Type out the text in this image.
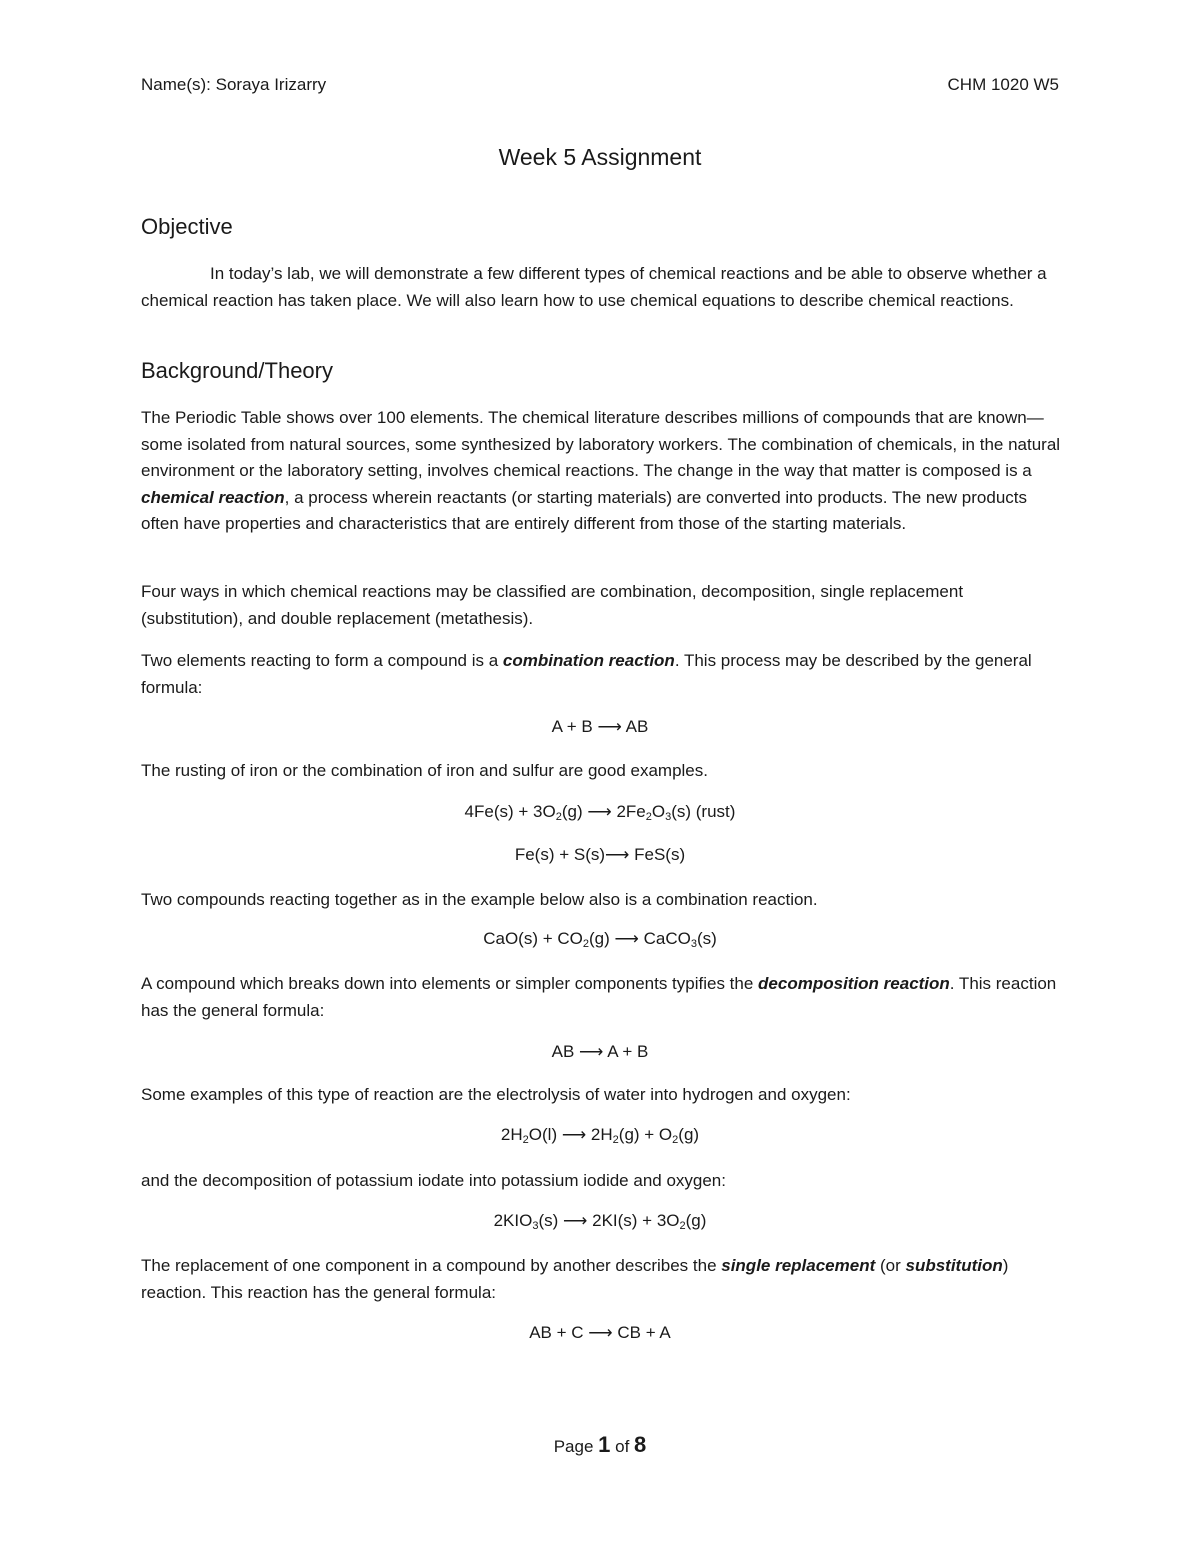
Name(s): Soraya Irizarry	CHM 1020 W5
Week 5 Assignment
Objective
In today’s lab, we will demonstrate a few different types of chemical reactions and be able to observe whether a chemical reaction has taken place. We will also learn how to use chemical equations to describe chemical reactions.
Background/Theory
The Periodic Table shows over 100 elements. The chemical literature describes millions of compounds that are known—some isolated from natural sources, some synthesized by laboratory workers. The combination of chemicals, in the natural environment or the laboratory setting, involves chemical reactions. The change in the way that matter is composed is a chemical reaction, a process wherein reactants (or starting materials) are converted into products. The new products often have properties and characteristics that are entirely different from those of the starting materials.
Four ways in which chemical reactions may be classified are combination, decomposition, single replacement (substitution), and double replacement (metathesis).
Two elements reacting to form a compound is a combination reaction. This process may be described by the general formula:
A + B ⟶ AB
The rusting of iron or the combination of iron and sulfur are good examples.
$4Fe(s) + 3O_2(g)$ ⟶ $2Fe_2O_3(s)$ (rust)
Fe(s) + S(s)⟶ FeS(s)
Two compounds reacting together as in the example below also is a combination reaction.
$CaO(s) + CO_2(g)$ ⟶ CaCO$_3$(s)
A compound which breaks down into elements or simpler components typifies the decomposition reaction. This reaction has the general formula:
AB ⟶ A + B
Some examples of this type of reaction are the electrolysis of water into hydrogen and oxygen:
$2H_2O(l)$ ⟶ $2H_2(g) + O_2(g)$
and the decomposition of potassium iodate into potassium iodide and oxygen:
$2KIO_3(s)$ ⟶ $2KI(s) + 3O_2(g)$
The replacement of one component in a compound by another describes the single replacement (or substitution) reaction. This reaction has the general formula:
AB + C ⟶ CB + A
Page 1 of 8
